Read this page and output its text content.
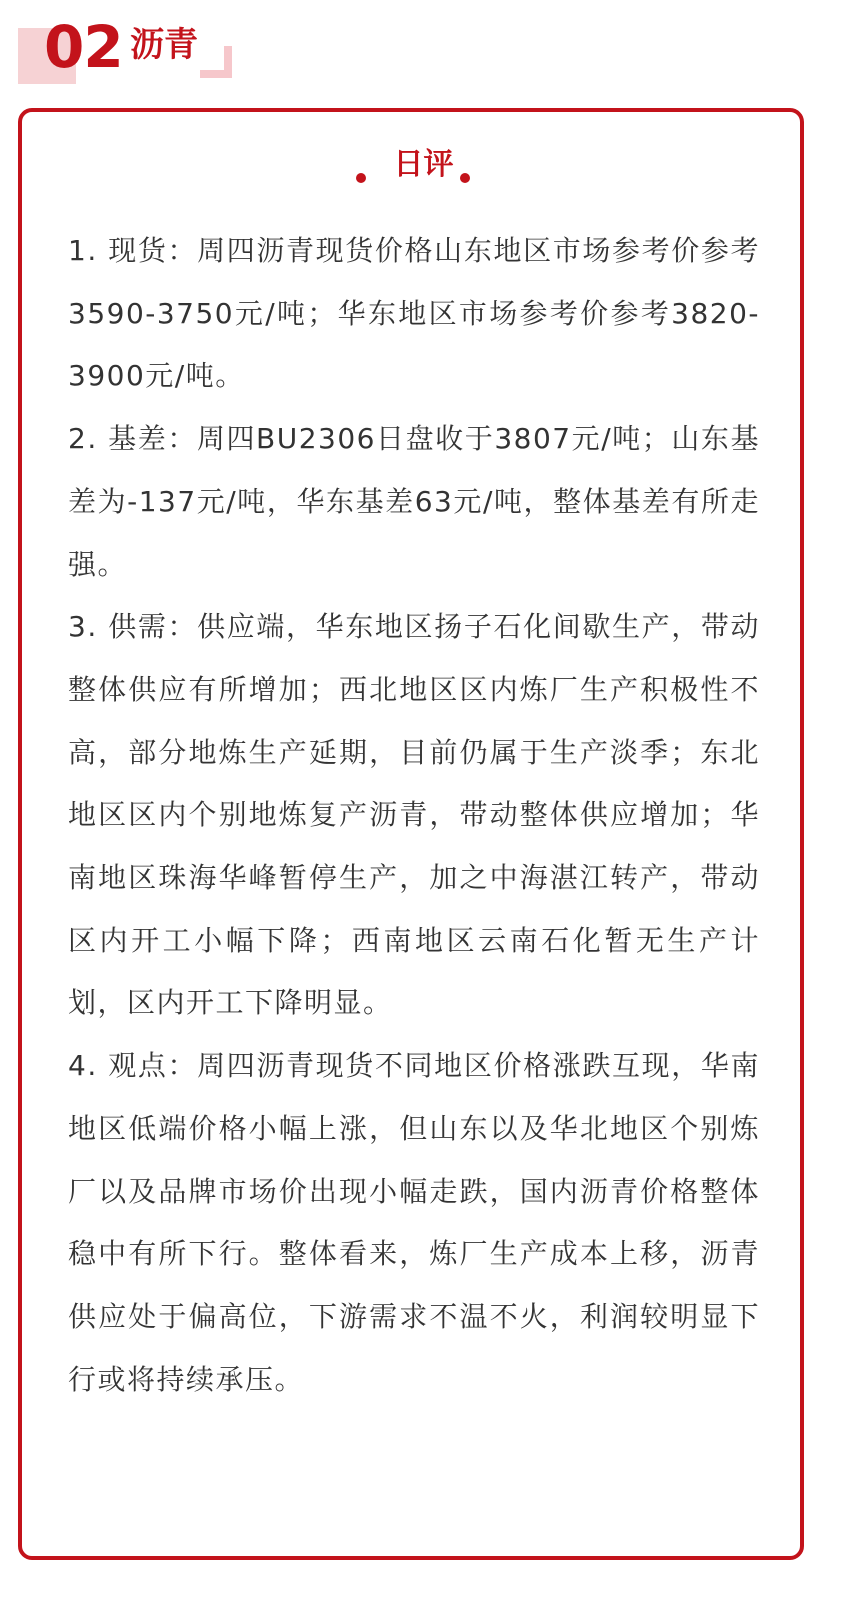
02 沥青
日评

1. 现货：周四沥青现货价格山东地区市场参考价参考3590-3750元/吨；华东地区市场参考价参考3820-3900元/吨。

2. 基差：周四BU2306日盘收于3807元/吨；山东基差为-137元/吨，华东基差63元/吨，整体基差有所走强。

3. 供需：供应端，华东地区扬子石化间歇生产，带动整体供应有所增加；西北地区区内炼厂生产积极性不高，部分地炼生产延期，目前仍属于生产淡季；东北地区区内个别地炼复产沥青，带动整体供应增加；华南地区珠海华峰暂停生产，加之中海湛江转产，带动区内开工小幅下降；西南地区云南石化暂无生产计划，区内开工下降明显。

4. 观点：周四沥青现货不同地区价格涨跌互现，华南地区低端价格小幅上涨，但山东以及华北地区个别炼厂以及品牌市场价出现小幅走跌，国内沥青价格整体稳中有所下行。整体看来，炼厂生产成本上移，沥青供应处于偏高位，下游需求不温不火，利润较明显下行或将持续承压。
